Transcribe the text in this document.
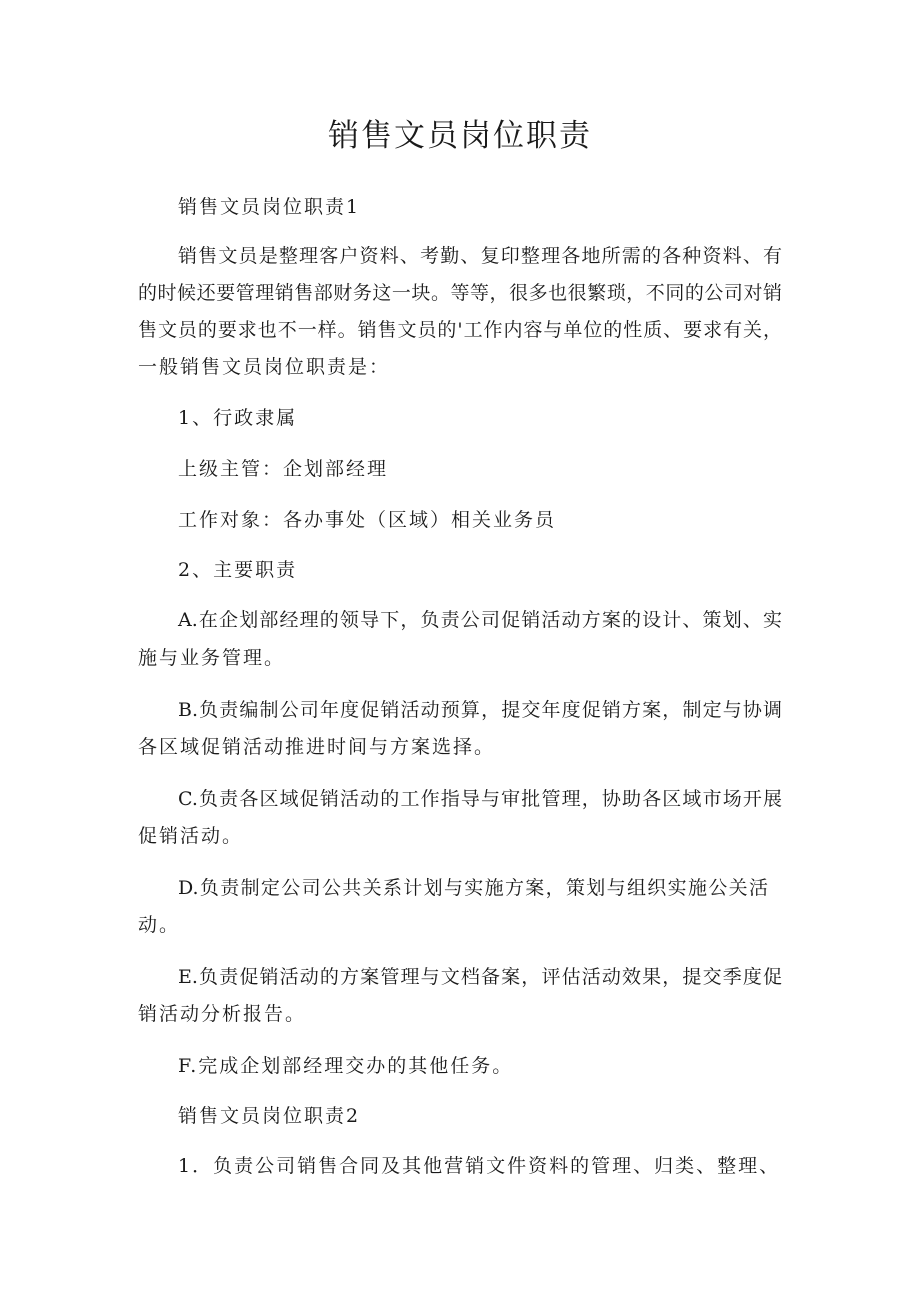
销售文员岗位职责
销售文员岗位职责1
销售文员是整理客户资料、考勤、复印整理各地所需的各种资料、有
的时候还要管理销售部财务这一块。等等，很多也很繁琐，不同的公司对销
售文员的要求也不一样。销售文员的'工作内容与单位的性质、要求有关，
一般销售文员岗位职责是：
1、行政隶属
上级主管：企划部经理
工作对象：各办事处（区域）相关业务员
2、主要职责
A.在企划部经理的领导下，负责公司促销活动方案的设计、策划、实
施与业务管理。
B.负责编制公司年度促销活动预算，提交年度促销方案，制定与协调
各区域促销活动推进时间与方案选择。
C.负责各区域促销活动的工作指导与审批管理，协助各区域市场开展
促销活动。
D.负责制定公司公共关系计划与实施方案，策划与组织实施公关活
动。
E.负责促销活动的方案管理与文档备案，评估活动效果，提交季度促
销活动分析报告。
F.完成企划部经理交办的其他任务。
销售文员岗位职责2
1．负责公司销售合同及其他营销文件资料的管理、归类、整理、
